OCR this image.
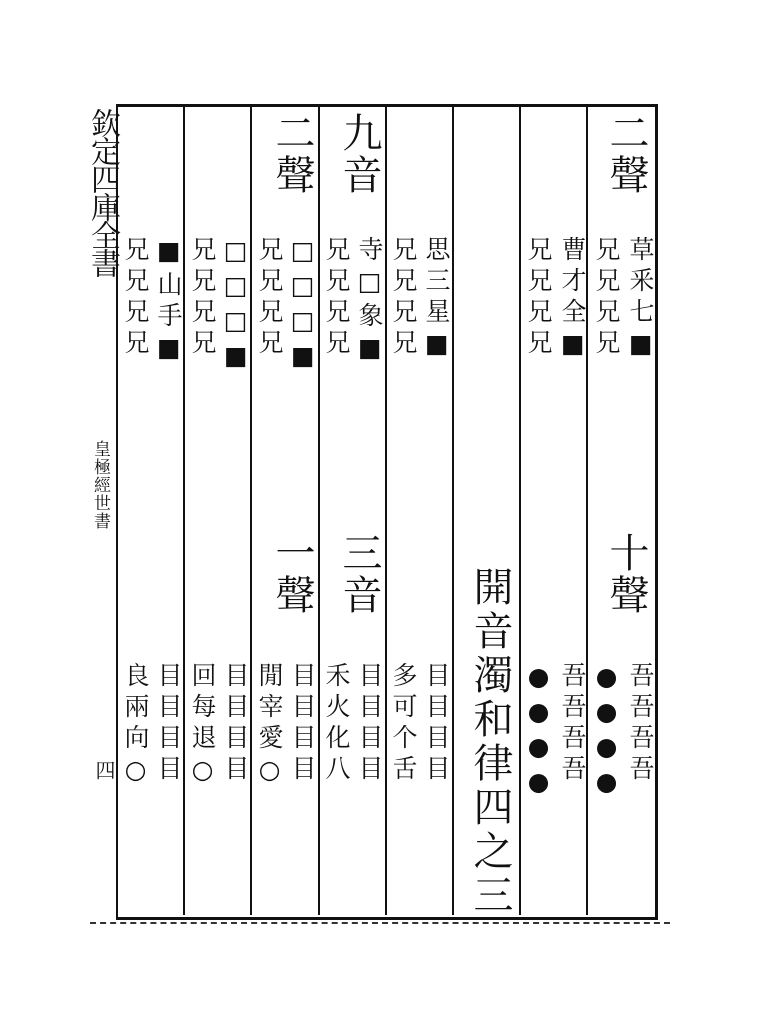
欽定四庫全書
皇極經世書
四	開音濁和律四之三
二聲
草釆七■
兄兄兄兄
十聲
吾吾吾吾
●●●●
曹才全■
兄兄兄兄
吾吾吾吾
●●●●
思三星■
兄兄兄兄
目目目目
多可个舌
九音
寺□象■
兄兄兄兄
三音
目目目目
禾火化八
二聲
□□□■
兄兄兄兄
一聲
目目目目
閒宰愛○
□□□■
兄兄兄兄
目目目目
回每退○
■山手■
兄兄兄兄
目目目目
良兩向○
